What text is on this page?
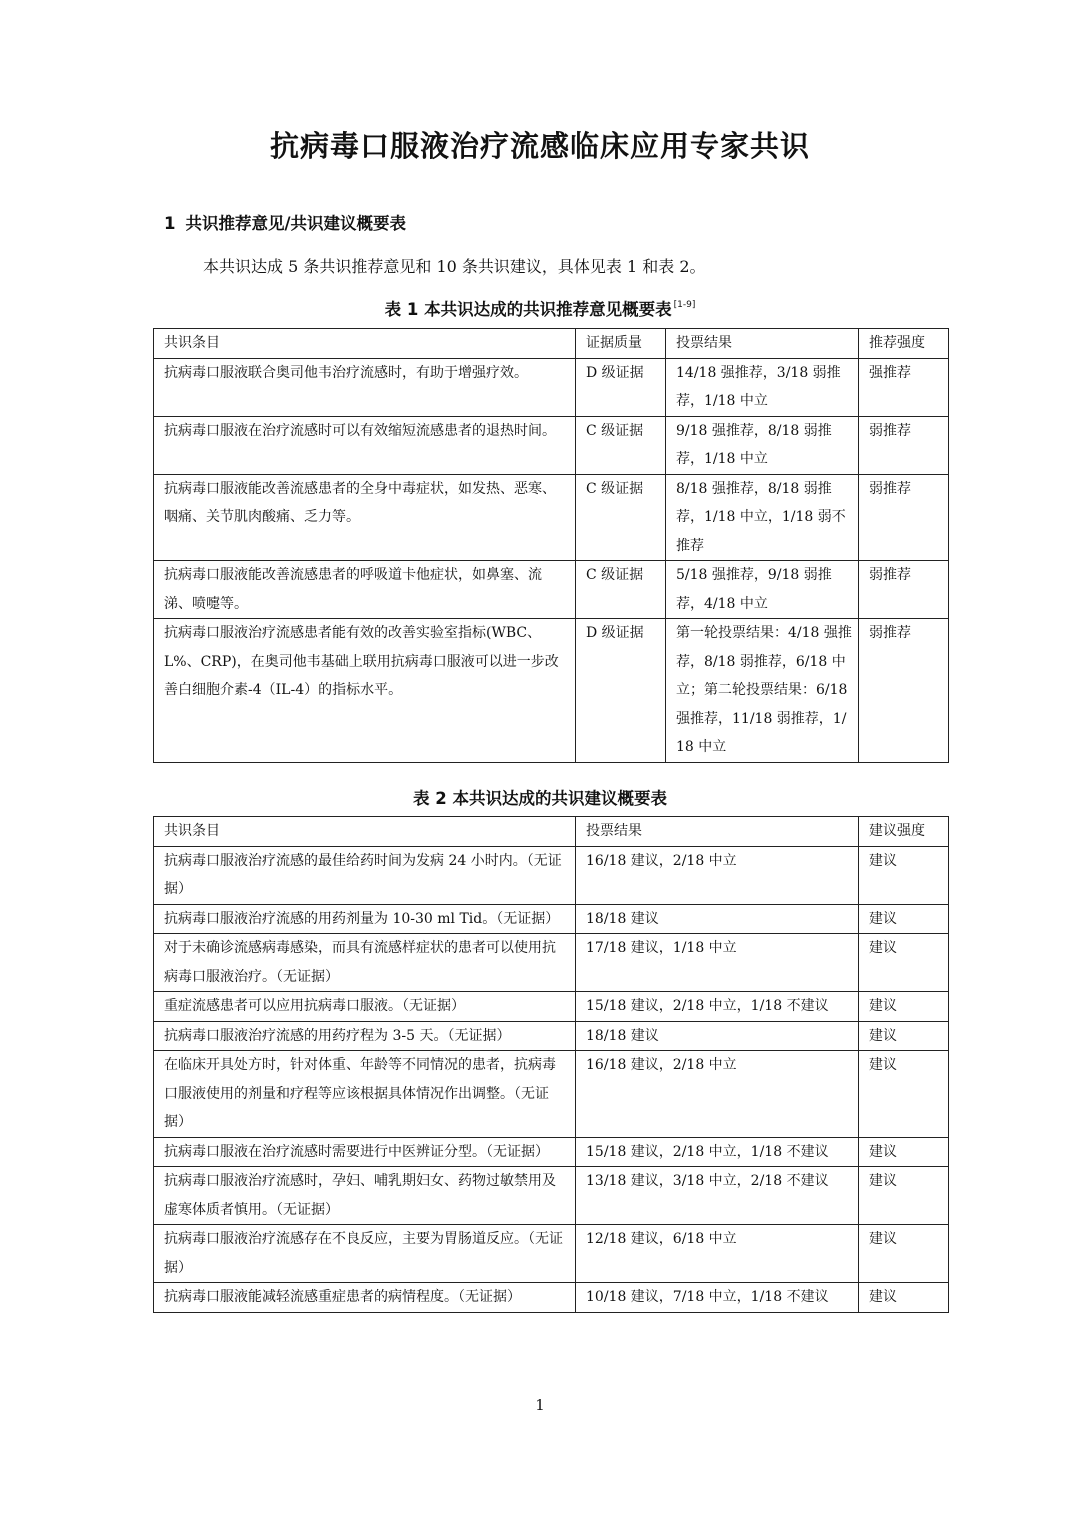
抗病毒口服液治疗流感临床应用专家共识
1 共识推荐意见/共识建议概要表
本共识达成 5 条共识推荐意见和 10 条共识建议，具体见表 1 和表 2。
表 1 本共识达成的共识推荐意见概要表 [1-9]
共识条目	证据质量	投票结果	推荐强度
抗病毒口服液联合奥司他韦治疗流感时，有助于增强疗效。	D 级证据	14/18 强推荐，3/18 弱推荐，1/18 中立	强推荐
抗病毒口服液在治疗流感时可以有效缩短流感患者的退热时间。	C 级证据	9/18 强推荐，8/18 弱推荐，1/18 中立	弱推荐
抗病毒口服液能改善流感患者的全身中毒症状，如发热、恶寒、咽痛、关节肌肉酸痛、乏力等。	C 级证据	8/18 强推荐，8/18 弱推荐，1/18 中立，1/18 弱不推荐	弱推荐
抗病毒口服液能改善流感患者的呼吸道卡他症状，如鼻塞、流涕、喷嚏等。	C 级证据	5/18 强推荐，9/18 弱推荐，4/18 中立	弱推荐
抗病毒口服液治疗流感患者能有效的改善实验室指标(WBC、L%、CRP)，在奥司他韦基础上联用抗病毒口服液可以进一步改善白细胞介素-4（IL-4）的指标水平。	D 级证据	第一轮投票结果：4/18 强推荐，8/18 弱推荐，6/18 中立；第二轮投票结果：6/18 强推荐，11/18 弱推荐，1/18 中立	弱推荐
表 2 本共识达成的共识建议概要表
共识条目	投票结果	建议强度
抗病毒口服液治疗流感的最佳给药时间为发病 24 小时内。（无证据）	16/18 建议，2/18 中立	建议
抗病毒口服液治疗流感的用药剂量为 10-30 ml Tid。（无证据）	18/18 建议	建议
对于未确诊流感病毒感染，而具有流感样症状的患者可以使用抗病毒口服液治疗。（无证据）	17/18 建议，1/18 中立	建议
重症流感患者可以应用抗病毒口服液。（无证据）	15/18 建议，2/18 中立，1/18 不建议	建议
抗病毒口服液治疗流感的用药疗程为 3-5 天。（无证据）	18/18 建议	建议
在临床开具处方时，针对体重、年龄等不同情况的患者，抗病毒口服液使用的剂量和疗程等应该根据具体情况作出调整。（无证据）	16/18 建议，2/18 中立	建议
抗病毒口服液在治疗流感时需要进行中医辨证分型。（无证据）	15/18 建议，2/18 中立，1/18 不建议	建议
抗病毒口服液治疗流感时，孕妇、哺乳期妇女、药物过敏禁用及虚寒体质者慎用。（无证据）	13/18 建议，3/18 中立，2/18 不建议	建议
抗病毒口服液治疗流感存在不良反应，主要为胃肠道反应。（无证据）	12/18 建议，6/18 中立	建议
抗病毒口服液能减轻流感重症患者的病情程度。（无证据）	10/18 建议，7/18 中立，1/18 不建议	建议
1
